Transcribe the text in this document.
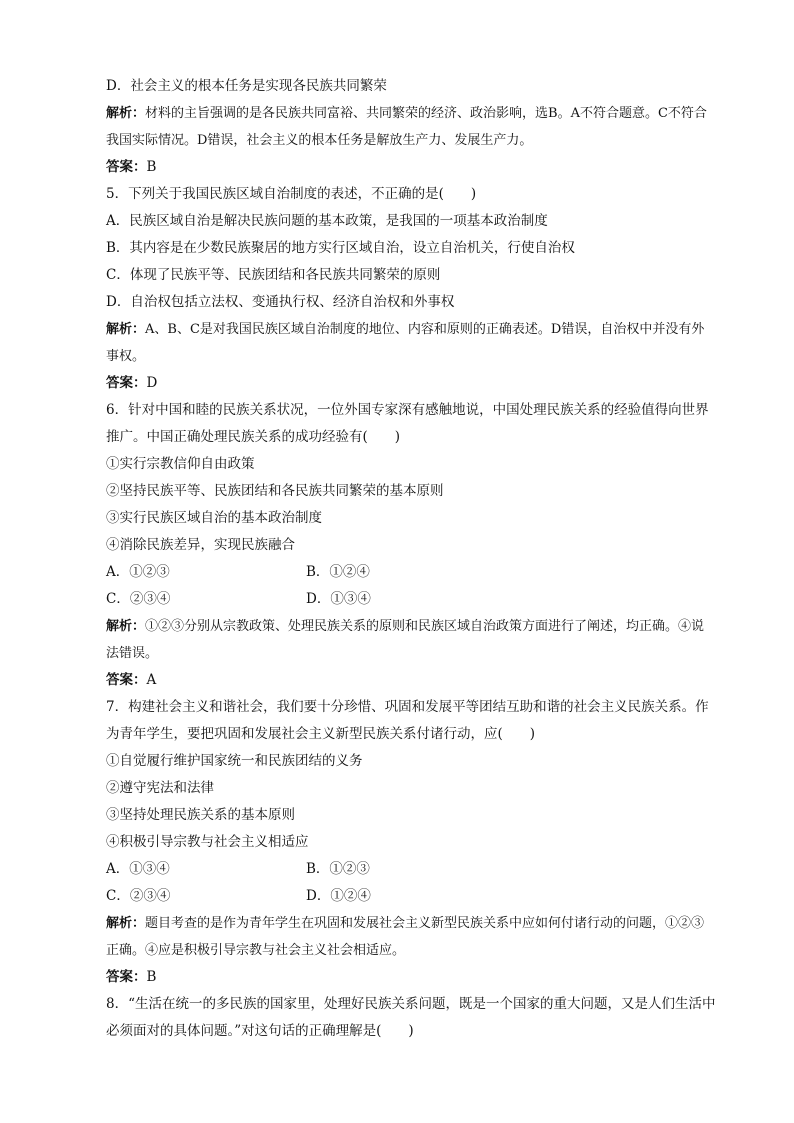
D．社会主义的根本任务是实现各民族共同繁荣
解析：材料的主旨强调的是各民族共同富裕、共同繁荣的经济、政治影响，选B。A不符合题意。C不符合我国实际情况。D错误，社会主义的根本任务是解放生产力、发展生产力。
答案：B
5．下列关于我国民族区域自治制度的表述，不正确的是(　　)
A．民族区域自治是解决民族问题的基本政策，是我国的一项基本政治制度
B．其内容是在少数民族聚居的地方实行区域自治，设立自治机关，行使自治权
C．体现了民族平等、民族团结和各民族共同繁荣的原则
D．自治权包括立法权、变通执行权、经济自治权和外事权
解析：A、B、C是对我国民族区域自治制度的地位、内容和原则的正确表述。D错误，自治权中并没有外事权。
答案：D
6．针对中国和睦的民族关系状况，一位外国专家深有感触地说，中国处理民族关系的经验值得向世界推广。中国正确处理民族关系的成功经验有(　　)
①实行宗教信仰自由政策
②坚持民族平等、民族团结和各民族共同繁荣的基本原则
③实行民族区域自治的基本政治制度
④消除民族差异，实现民族融合
A．①②③	B．①②④
C．②③④	D．①③④
解析：①②③分别从宗教政策、处理民族关系的原则和民族区域自治政策方面进行了阐述，均正确。④说法错误。
答案：A
7．构建社会主义和谐社会，我们要十分珍惜、巩固和发展平等团结互助和谐的社会主义民族关系。作为青年学生，要把巩固和发展社会主义新型民族关系付诸行动，应(　　)
①自觉履行维护国家统一和民族团结的义务
②遵守宪法和法律
③坚持处理民族关系的基本原则
④积极引导宗教与社会主义相适应
A．①③④	B．①②③
C．②③④	D．①②④
解析：题目考查的是作为青年学生在巩固和发展社会主义新型民族关系中应如何付诸行动的问题，①②③正确。④应是积极引导宗教与社会主义社会相适应。
答案：B
8．“生活在统一的多民族的国家里，处理好民族关系问题，既是一个国家的重大问题，又是人们生活中必须面对的具体问题。”对这句话的正确理解是(　　)
